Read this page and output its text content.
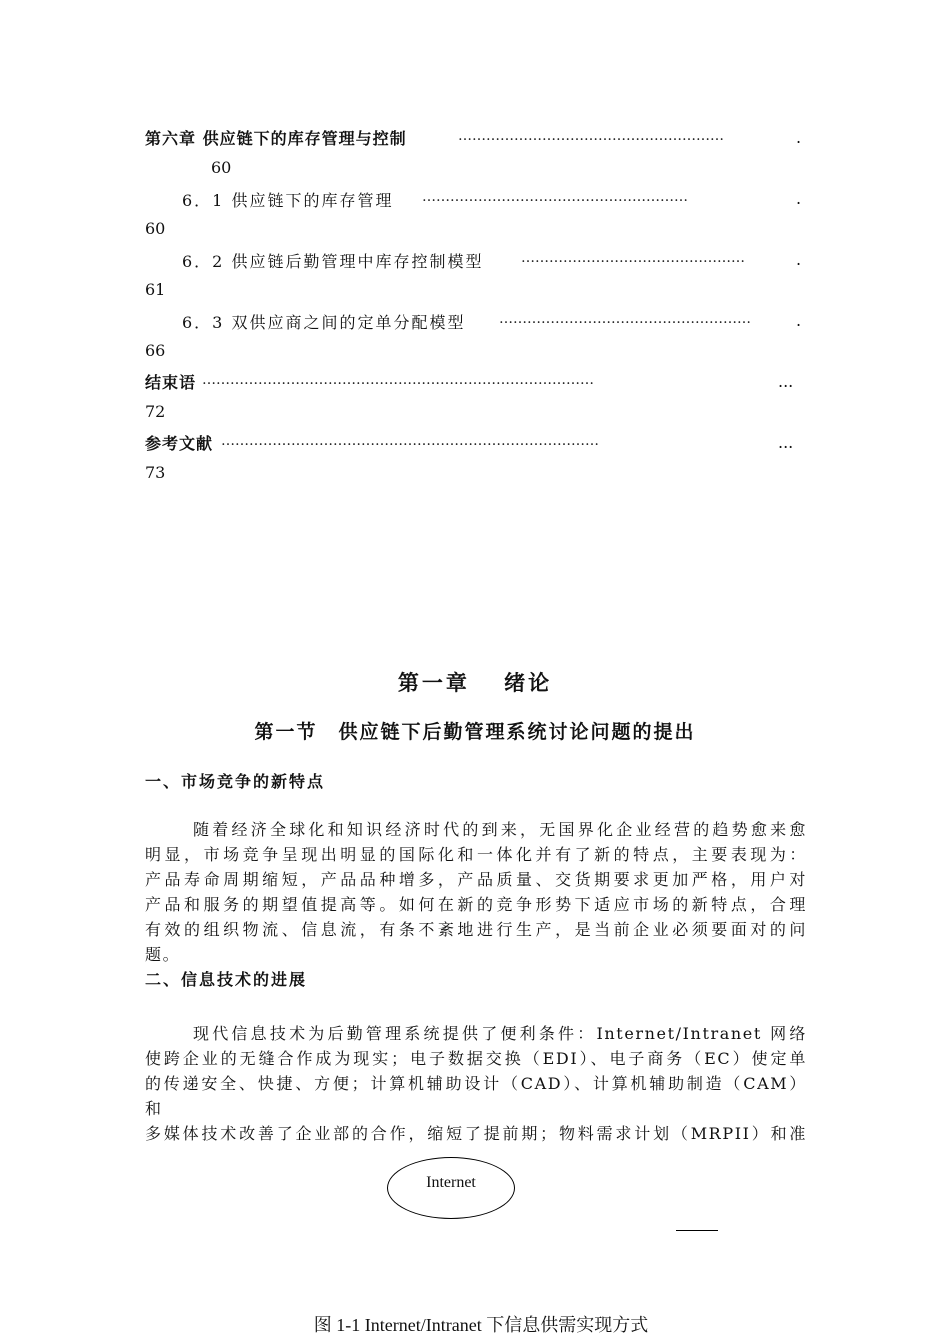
第六章 供应链下的库存管理与控制	…………………………………………………	.
60
6．1 供应链下的库存管理 …………………………………………………	.
60
6．2 供应链后勤管理中库存控制模型	…………………………………………	.
61
6．3 双供应商之间的定单分配模型 ………………………………………………	.
66
结束语 …………………………………………………………………………	...
72
参考文献 ………………………………………………………………………	...
73
第一章　 绪论
第一节　供应链下后勤管理系统讨论问题的提出
一、市场竞争的新特点
随着经济全球化和知识经济时代的到来，无国界化企业经营的趋势愈来愈
明显，市场竞争呈现出明显的国际化和一体化并有了新的特点，主要表现为：
产品寿命周期缩短，产品品种增多，产品质量、交货期要求更加严格，用户对
产品和服务的期望值提高等。如何在新的竞争形势下适应市场的新特点，合理
有效的组织物流、信息流，有条不紊地进行生产，是当前企业必须要面对的问
题。
二、信息技术的进展
现代信息技术为后勤管理系统提供了便利条件：Internet/Intranet 网络
使跨企业的无缝合作成为现实；电子数据交换（EDI）、电子商务（EC）使定单
的传递安全、快捷、方便；计算机辅助设计（CAD）、计算机辅助制造（CAM）
和
多媒体技术改善了企业部的合作，缩短了提前期；物料需求计划（MRPII）和准
Internet
图 1-1 Internet/Intranet 下信息供需实现方式
